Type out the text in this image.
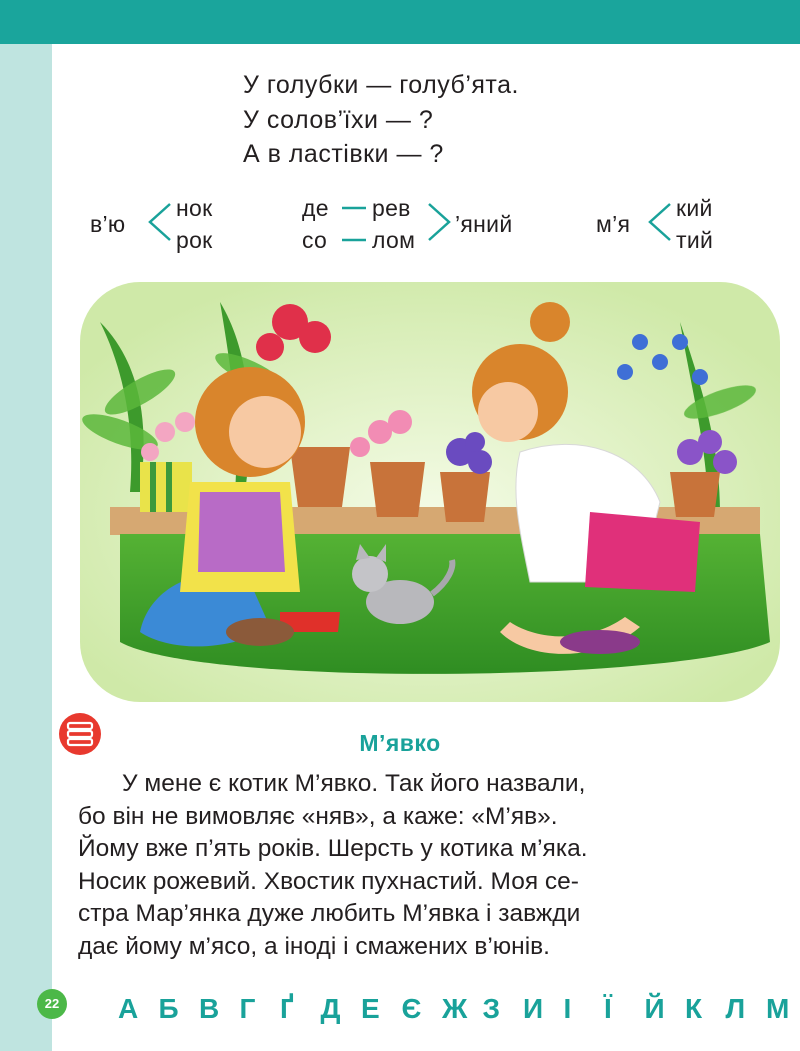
У голубки — голуб’ята.
У солов’їхи — ?
А в ластівки — ?
в’ю
нок
рок
де рев
со лом
’яний	м’я
кий
тий
М’явко

У мене є котик М’явко. Так його назвали,

бо він не вимовляє «няв», а каже: «М’яв».

Йому вже п’ять років. Шерсть у котика м’яка.

Носик рожевий. Хвостик пухнастий. Моя се-

стра Мар’янка дуже любить М’явка і завжди

дає йому м’ясо, а іноді і смажених в’юнів.

22 А Б В Г Ґ Д Е Є Ж З И І	Ї	Й К Л М
